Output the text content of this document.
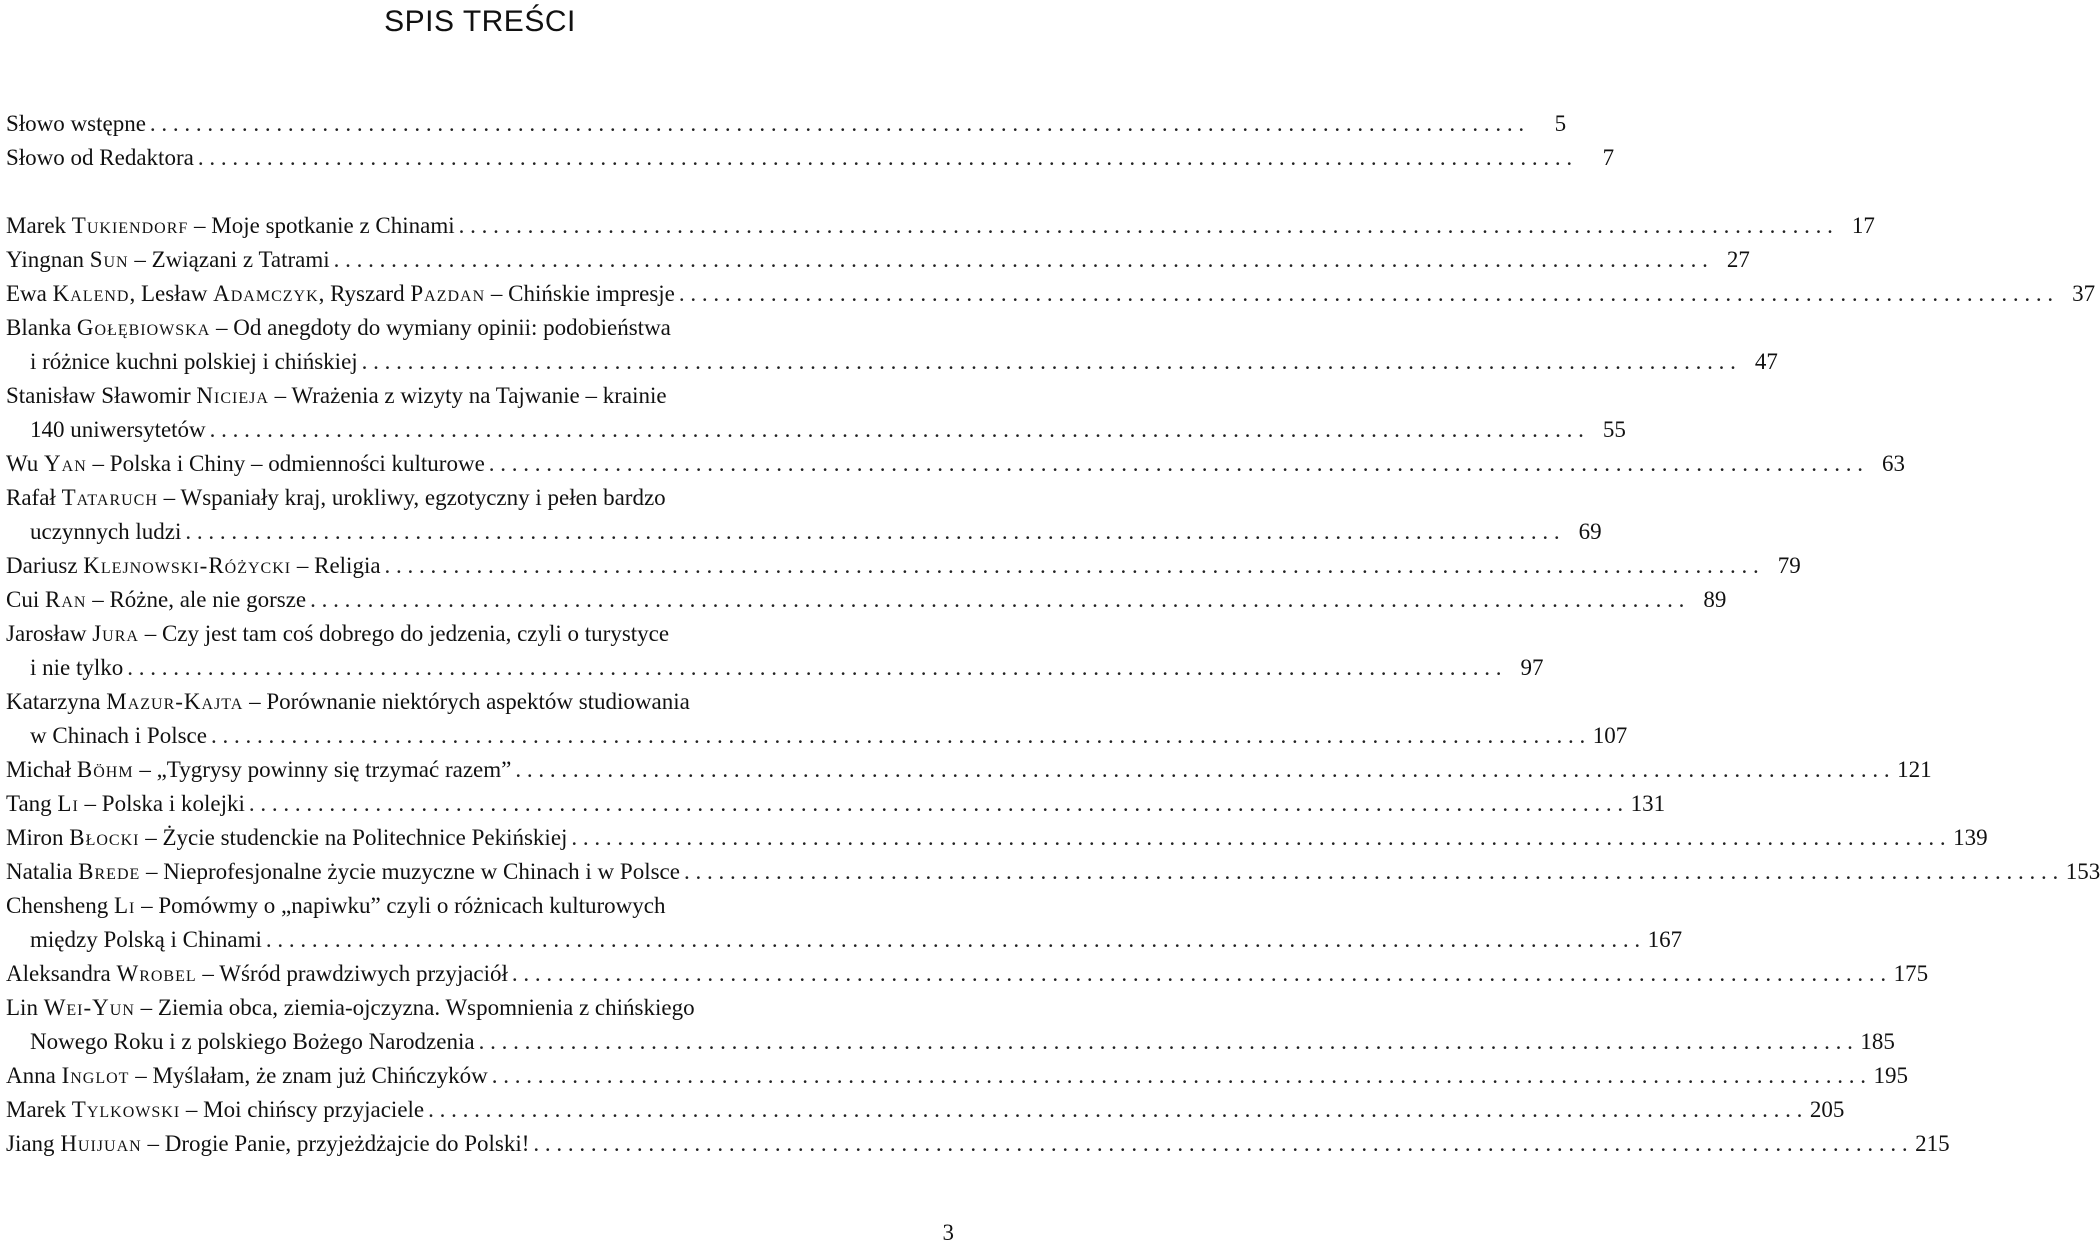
SPIS TREŚCI
Słowo wstępne . . . . . . . . . . . . . . . . . . . . . . . . . . . . . . . . . . . . . . . . . . . . . . . . . . . . . . . . . . . . . . . . . . . . . . . . . . . . . . . . . . . . . . . . . . . . . . . . . . . . . . . . . . . . . . . . . . . . . . . .	5
Słowo od Redaktora . . . . . . . . . . . . . . . . . . . . . . . . . . . . . . . . . . . . . . . . . . . . . . . . . . . . . . . . . . . . . . . . . . . . . . . . . . . . . . . . . . . . . . . . . . . . . . . . . . . . . . . . . . . . . . . . . . . . . . . .	7
Marek Tukiendorf – Moje spotkanie z Chinami . . . . . . . . . . . . . . . . . . . . . . . . . . . . . . . . . . . . . . . . . . . . . . . . . . . . . . . . . . . . . . . . . . . . . . . . . . . . . . . . . . . . . . . . . . . . . . . . . . . . . . . . . . . . . . . . . . . . . . . . 17
Yingnan Sun – Związani z Tatrami . . . . . . . . . . . . . . . . . . . . . . . . . . . . . . . . . . . . . . . . . . . . . . . . . . . . . . . . . . . . . . . . . . . . . . . . . . . . . . . . . . . . . . . . . . . . . . . . . . . . . . . . . . . . . . . . . . . . . . . . 27
Ewa Kalend, Lesław Adamczyk, Ryszard Pazdan – Chińskie impresje . . . . . . . . . . . . . . . . . . . . . . . . . . . . . . . . . . . . . . . . . . . . . . . . . . . . . . . . . . . . . . . . . . . . . . . . . . . . . . . . . . . . . . . . . . . . . . . . . . . . . . . . . . . . . . . . . . . . . . . . 37
Blanka Gołębiowska – Od anegdoty do wymiany opinii: podobieństwa
i różnice kuchni polskiej i chińskiej . . . . . . . . . . . . . . . . . . . . . . . . . . . . . . . . . . . . . . . . . . . . . . . . . . . . . . . . . . . . . . . . . . . . . . . . . . . . . . . . . . . . . . . . . . . . . . . . . . . . . . . . . . . . . . . . . . . . . . . . 47
Stanisław Sławomir Nicieja – Wrażenia z wizyty na Tajwanie – krainie
140 uniwersytetów . . . . . . . . . . . . . . . . . . . . . . . . . . . . . . . . . . . . . . . . . . . . . . . . . . . . . . . . . . . . . . . . . . . . . . . . . . . . . . . . . . . . . . . . . . . . . . . . . . . . . . . . . . . . . . . . . . . . . . . . 55
Wu Yan – Polska i Chiny – odmienności kulturowe . . . . . . . . . . . . . . . . . . . . . . . . . . . . . . . . . . . . . . . . . . . . . . . . . . . . . . . . . . . . . . . . . . . . . . . . . . . . . . . . . . . . . . . . . . . . . . . . . . . . . . . . . . . . . . . . . . . . . . . . 63
Rafał Tataruch – Wspaniały kraj, urokliwy, egzotyczny i pełen bardzo
uczynnych ludzi . . . . . . . . . . . . . . . . . . . . . . . . . . . . . . . . . . . . . . . . . . . . . . . . . . . . . . . . . . . . . . . . . . . . . . . . . . . . . . . . . . . . . . . . . . . . . . . . . . . . . . . . . . . . . . . . . . . . . . . . 69
Dariusz Klejnowski-Różycki – Religia . . . . . . . . . . . . . . . . . . . . . . . . . . . . . . . . . . . . . . . . . . . . . . . . . . . . . . . . . . . . . . . . . . . . . . . . . . . . . . . . . . . . . . . . . . . . . . . . . . . . . . . . . . . . . . . . . . . . . . . . 79
Cui Ran – Różne, ale nie gorsze . . . . . . . . . . . . . . . . . . . . . . . . . . . . . . . . . . . . . . . . . . . . . . . . . . . . . . . . . . . . . . . . . . . . . . . . . . . . . . . . . . . . . . . . . . . . . . . . . . . . . . . . . . . . . . . . . . . . . . . . 89
Jarosław Jura – Czy jest tam coś dobrego do jedzenia, czyli o turystyce
i nie tylko . . . . . . . . . . . . . . . . . . . . . . . . . . . . . . . . . . . . . . . . . . . . . . . . . . . . . . . . . . . . . . . . . . . . . . . . . . . . . . . . . . . . . . . . . . . . . . . . . . . . . . . . . . . . . . . . . . . . . . . . 97
Katarzyna Mazur-Kajta – Porównanie niektórych aspektów studiowania
w Chinach i Polsce . . . . . . . . . . . . . . . . . . . . . . . . . . . . . . . . . . . . . . . . . . . . . . . . . . . . . . . . . . . . . . . . . . . . . . . . . . . . . . . . . . . . . . . . . . . . . . . . . . . . . . . . . . . . . . . . . . . . . . . . 107
Michał Böhm – „Tygrysy powinny się trzymać razem” . . . . . . . . . . . . . . . . . . . . . . . . . . . . . . . . . . . . . . . . . . . . . . . . . . . . . . . . . . . . . . . . . . . . . . . . . . . . . . . . . . . . . . . . . . . . . . . . . . . . . . . . . . . . . . . . . . . . . . . . 121
Tang Li – Polska i kolejki . . . . . . . . . . . . . . . . . . . . . . . . . . . . . . . . . . . . . . . . . . . . . . . . . . . . . . . . . . . . . . . . . . . . . . . . . . . . . . . . . . . . . . . . . . . . . . . . . . . . . . . . . . . . . . . . . . . . . . . . 131
Miron Błocki – Życie studenckie na Politechnice Pekińskiej . . . . . . . . . . . . . . . . . . . . . . . . . . . . . . . . . . . . . . . . . . . . . . . . . . . . . . . . . . . . . . . . . . . . . . . . . . . . . . . . . . . . . . . . . . . . . . . . . . . . . . . . . . . . . . . . . . . . . . . . 139
Natalia Brede – Nieprofesjonalne życie muzyczne w Chinach i w Polsce . . . . . . . . . . . . . . . . . . . . . . . . . . . . . . . . . . . . . . . . . . . . . . . . . . . . . . . . . . . . . . . . . . . . . . . . . . . . . . . . . . . . . . . . . . . . . . . . . . . . . . . . . . . . . . . . . . . . . . . . 153
Chensheng Li – Pomówmy o „napiwku” czyli o różnicach kulturowych
między Polską i Chinami . . . . . . . . . . . . . . . . . . . . . . . . . . . . . . . . . . . . . . . . . . . . . . . . . . . . . . . . . . . . . . . . . . . . . . . . . . . . . . . . . . . . . . . . . . . . . . . . . . . . . . . . . . . . . . . . . . . . . . . . 167
Aleksandra Wrobel – Wśród prawdziwych przyjaciół . . . . . . . . . . . . . . . . . . . . . . . . . . . . . . . . . . . . . . . . . . . . . . . . . . . . . . . . . . . . . . . . . . . . . . . . . . . . . . . . . . . . . . . . . . . . . . . . . . . . . . . . . . . . . . . . . . . . . . . . 175
Lin Wei-Yun – Ziemia obca, ziemia-ojczyzna. Wspomnienia z chińskiego
Nowego Roku i z polskiego Bożego Narodzenia . . . . . . . . . . . . . . . . . . . . . . . . . . . . . . . . . . . . . . . . . . . . . . . . . . . . . . . . . . . . . . . . . . . . . . . . . . . . . . . . . . . . . . . . . . . . . . . . . . . . . . . . . . . . . . . . . . . . . . . . 185
Anna Inglot – Myślałam, że znam już Chińczyków . . . . . . . . . . . . . . . . . . . . . . . . . . . . . . . . . . . . . . . . . . . . . . . . . . . . . . . . . . . . . . . . . . . . . . . . . . . . . . . . . . . . . . . . . . . . . . . . . . . . . . . . . . . . . . . . . . . . . . . . 195
Marek Tylkowski – Moi chińscy przyjaciele . . . . . . . . . . . . . . . . . . . . . . . . . . . . . . . . . . . . . . . . . . . . . . . . . . . . . . . . . . . . . . . . . . . . . . . . . . . . . . . . . . . . . . . . . . . . . . . . . . . . . . . . . . . . . . . . . . . . . . . . 205
Jiang Huijuan – Drogie Panie, przyjeżdżajcie do Polski! . . . . . . . . . . . . . . . . . . . . . . . . . . . . . . . . . . . . . . . . . . . . . . . . . . . . . . . . . . . . . . . . . . . . . . . . . . . . . . . . . . . . . . . . . . . . . . . . . . . . . . . . . . . . . . . . . . . . . . . . 215
3
